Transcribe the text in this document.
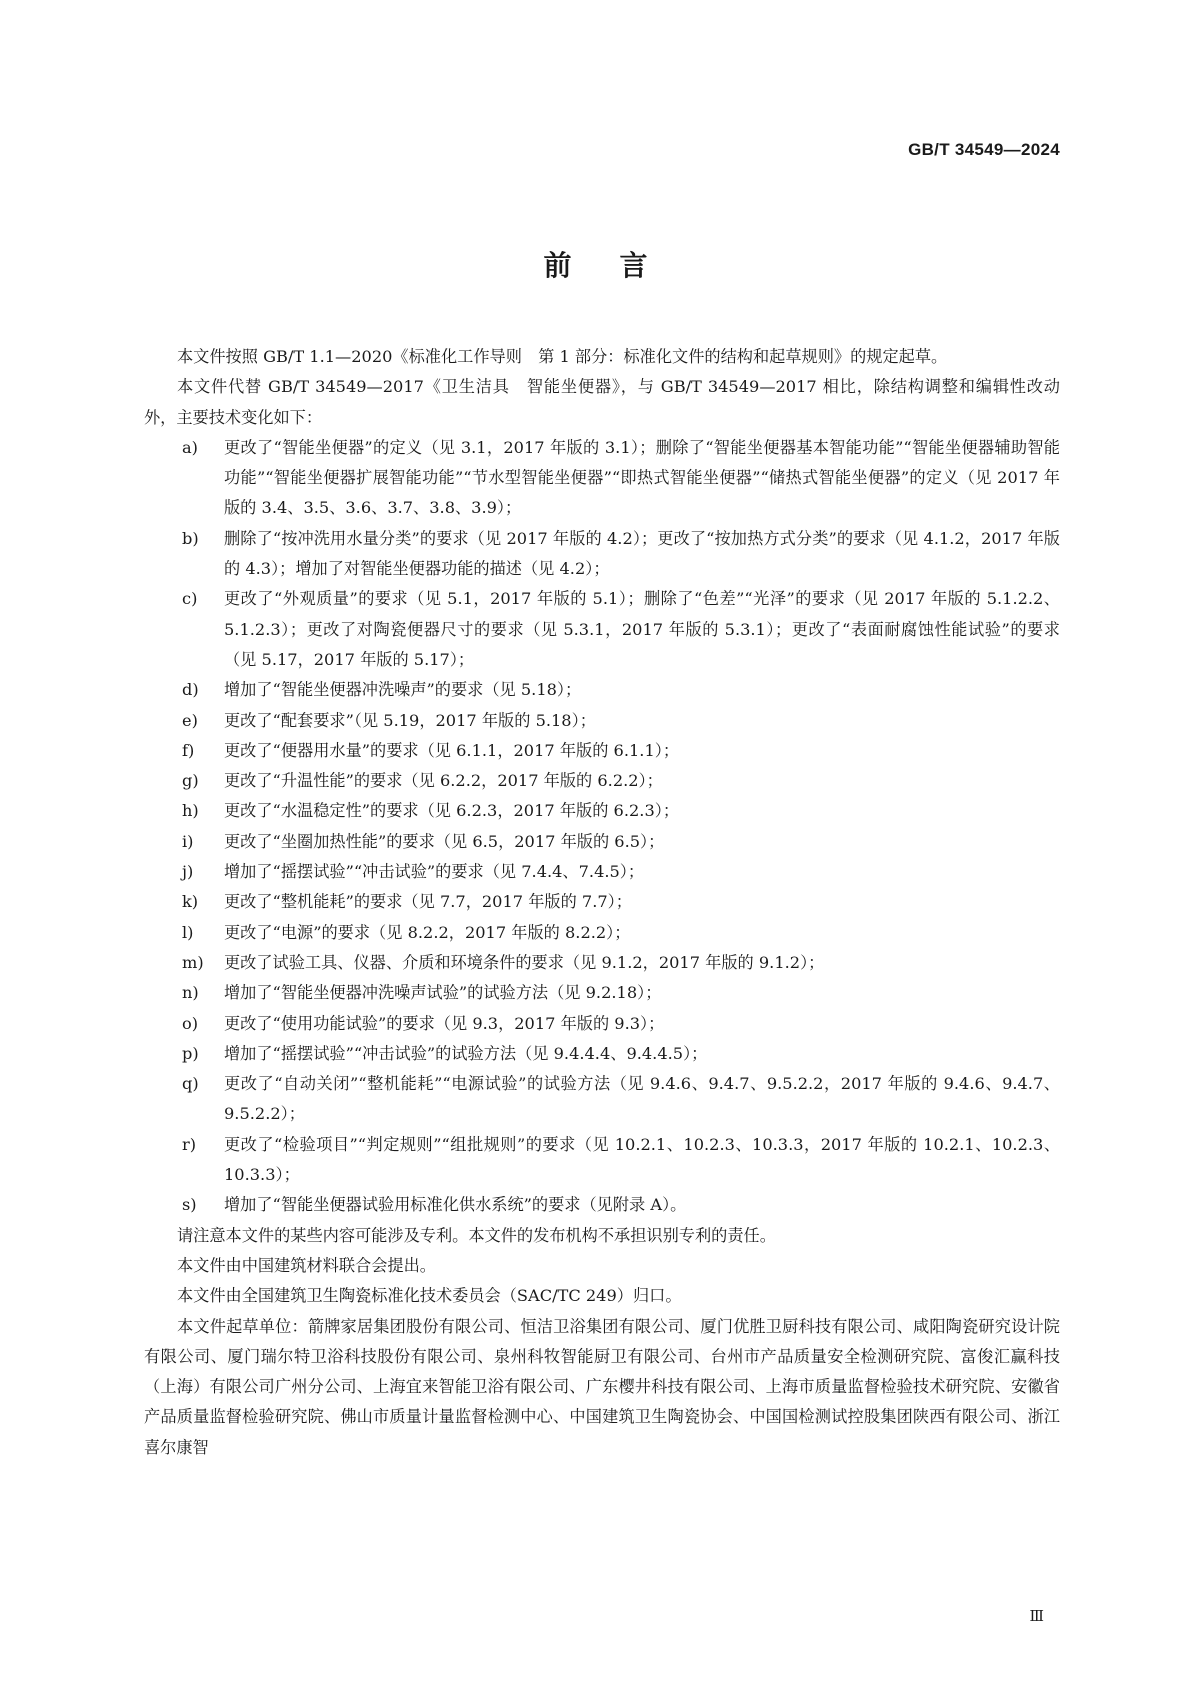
GB/T 34549—2024
前言

本文件按照 GB/T 1.1—2020《标准化工作导则　第 1 部分：标准化文件的结构和起草规则》的规定起草。

本文件代替 GB/T 34549—2017《卫生洁具　智能坐便器》，与 GB/T 34549—2017 相比，除结构调整和编辑性改动外，主要技术变化如下：

a)	更改了“智能坐便器”的定义（见 3.1，2017 年版的 3.1）；删除了“智能坐便器基本智能功能”“智能坐便器辅助智能功能”“智能坐便器扩展智能功能”“节水型智能坐便器”“即热式智能坐便器”“储热式智能坐便器”的定义（见 2017 年版的 3.4、3.5、3.6、3.7、3.8、3.9）；
b)	删除了“按冲洗用水量分类”的要求（见 2017 年版的 4.2）；更改了“按加热方式分类”的要求（见 4.1.2，2017 年版的 4.3）；增加了对智能坐便器功能的描述（见 4.2）；
c)	更改了“外观质量”的要求（见 5.1，2017 年版的 5.1）；删除了“色差”“光泽”的要求（见 2017 年版的 5.1.2.2、5.1.2.3）；更改了对陶瓷便器尺寸的要求（见 5.3.1，2017 年版的 5.3.1）；更改了“表面耐腐蚀性能试验”的要求（见 5.17，2017 年版的 5.17）；
d)	增加了“智能坐便器冲洗噪声”的要求（见 5.18）；
e)	更改了“配套要求”（见 5.19，2017 年版的 5.18）；
f)	更改了“便器用水量”的要求（见 6.1.1，2017 年版的 6.1.1）；
g)	更改了“升温性能”的要求（见 6.2.2，2017 年版的 6.2.2）；
h)	更改了“水温稳定性”的要求（见 6.2.3，2017 年版的 6.2.3）；
i)	更改了“坐圈加热性能”的要求（见 6.5，2017 年版的 6.5）；
j)	增加了“摇摆试验”“冲击试验”的要求（见 7.4.4、7.4.5）；
k)	更改了“整机能耗”的要求（见 7.7，2017 年版的 7.7）；
l)	更改了“电源”的要求（见 8.2.2，2017 年版的 8.2.2）；
m)	更改了试验工具、仪器、介质和环境条件的要求（见 9.1.2，2017 年版的 9.1.2）；
n)	增加了“智能坐便器冲洗噪声试验”的试验方法（见 9.2.18）；
o)	更改了“使用功能试验”的要求（见 9.3，2017 年版的 9.3）；
p)	增加了“摇摆试验”“冲击试验”的试验方法（见 9.4.4.4、9.4.4.5）；
q)	更改了“自动关闭”“整机能耗”“电源试验”的试验方法（见 9.4.6、9.4.7、9.5.2.2，2017 年版的 9.4.6、9.4.7、9.5.2.2）；
r)	更改了“检验项目”“判定规则”“组批规则”的要求（见 10.2.1、10.2.3、10.3.3，2017 年版的 10.2.1、10.2.3、10.3.3）；
s)	增加了“智能坐便器试验用标准化供水系统”的要求（见附录 A）。

请注意本文件的某些内容可能涉及专利。本文件的发布机构不承担识别专利的责任。

本文件由中国建筑材料联合会提出。

本文件由全国建筑卫生陶瓷标准化技术委员会（SAC/TC 249）归口。

本文件起草单位：箭牌家居集团股份有限公司、恒洁卫浴集团有限公司、厦门优胜卫厨科技有限公司、咸阳陶瓷研究设计院有限公司、厦门瑞尔特卫浴科技股份有限公司、泉州科牧智能厨卫有限公司、台州市产品质量安全检测研究院、富俊汇赢科技（上海）有限公司广州分公司、上海宜来智能卫浴有限公司、广东樱井科技有限公司、上海市质量监督检验技术研究院、安徽省产品质量监督检验研究院、佛山市质量计量监督检测中心、中国建筑卫生陶瓷协会、中国国检测试控股集团陕西有限公司、浙江喜尔康智

Ⅲ
